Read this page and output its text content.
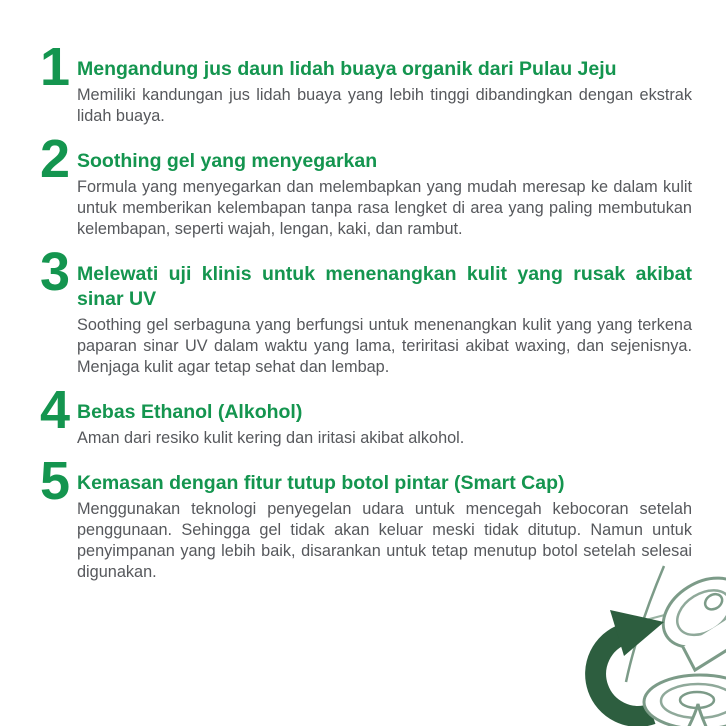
1 Mengandung jus daun lidah buaya organik dari Pulau Jeju
Memiliki kandungan jus lidah buaya yang lebih tinggi dibandingkan dengan ekstrak lidah buaya.
2 Soothing gel yang menyegarkan
Formula yang menyegarkan dan melembapkan yang mudah meresap ke dalam kulit untuk memberikan kelembapan tanpa rasa lengket di area yang paling membutukan kelembapan, seperti wajah, lengan, kaki, dan rambut.
3 Melewati uji klinis untuk menenangkan kulit yang rusak akibat sinar UV
Soothing gel serbaguna yang berfungsi untuk menenangkan kulit yang yang terkena paparan sinar UV dalam waktu yang lama, teriritasi akibat waxing, dan sejenisnya. Menjaga kulit agar tetap sehat dan lembap.
4 Bebas Ethanol (Alkohol)
Aman dari resiko kulit kering dan iritasi akibat alkohol.
5 Kemasan dengan fitur tutup botol pintar (Smart Cap)
Menggunakan teknologi penyegelan udara untuk mencegah kebocoran setelah penggunaan. Sehingga gel tidak akan keluar meski tidak ditutup. Namun untuk penyimpanan yang lebih baik, disarankan untuk tetap menutup botol setelah selesai digunakan.
